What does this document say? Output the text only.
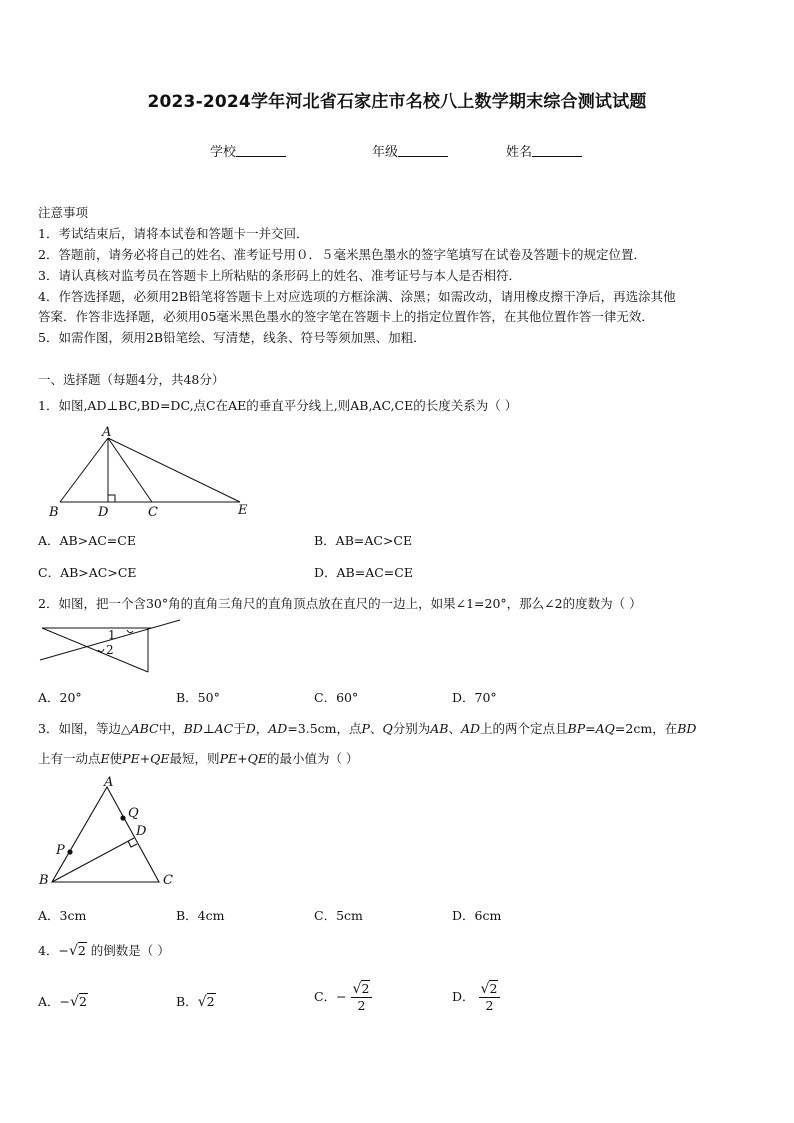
2023-2024学年河北省石家庄市名校八上数学期末综合测试试题
学校	年级	姓名
注意事项
1．考试结束后，请将本试卷和答题卡一并交回．
2．答题前，请务必将自己的姓名、准考证号用０．５毫米黑色墨水的签字笔填写在试卷及答题卡的规定位置．
3．请认真核对监考员在答题卡上所粘贴的条形码上的姓名、准考证号与本人是否相符．
4．作答选择题，必须用2B铅笔将答题卡上对应选项的方框涂满、涂黑；如需改动，请用橡皮擦干净后，再选涂其他
答案．作答非选择题，必须用05毫米黑色墨水的签字笔在答题卡上的指定位置作答，在其他位置作答一律无效．
5．如需作图，须用2B铅笔绘、写清楚，线条、符号等须加黑、加粗．
一、选择题（每题4分，共48分）
1．如图,AD⊥BC,BD=DC,点C在AE的垂直平分线上,则AB,AC,CE的长度关系为（ ）
A
B	D	C	E
A．AB>AC=CE	B．AB=AC>CE
C．AB>AC>CE	D．AB=AC=CE
2．如图，把一个含30°角的直角三角尺的直角顶点放在直尺的一边上，如果∠1=20°，那么∠2的度数为（ ）
1
2
A．20°	B．50°	C．60°	D．70°
3．如图，等边△ABC中，BD⊥AC于D，AD=3.5cm，点P、Q分别为AB、AD上的两个定点且BP=AQ=2cm，在BD
上有一动点E使PE+QE最短，则PE+QE的最小值为（ ）
A
Q
D
P
B	C
A．3cm	B．4cm	C．5cm	D．6cm
4．−√2 的倒数是（ ）
A．−√2	B．√2	C．− $\frac{√2}{2}$	D． $\frac{√2}{2}$
